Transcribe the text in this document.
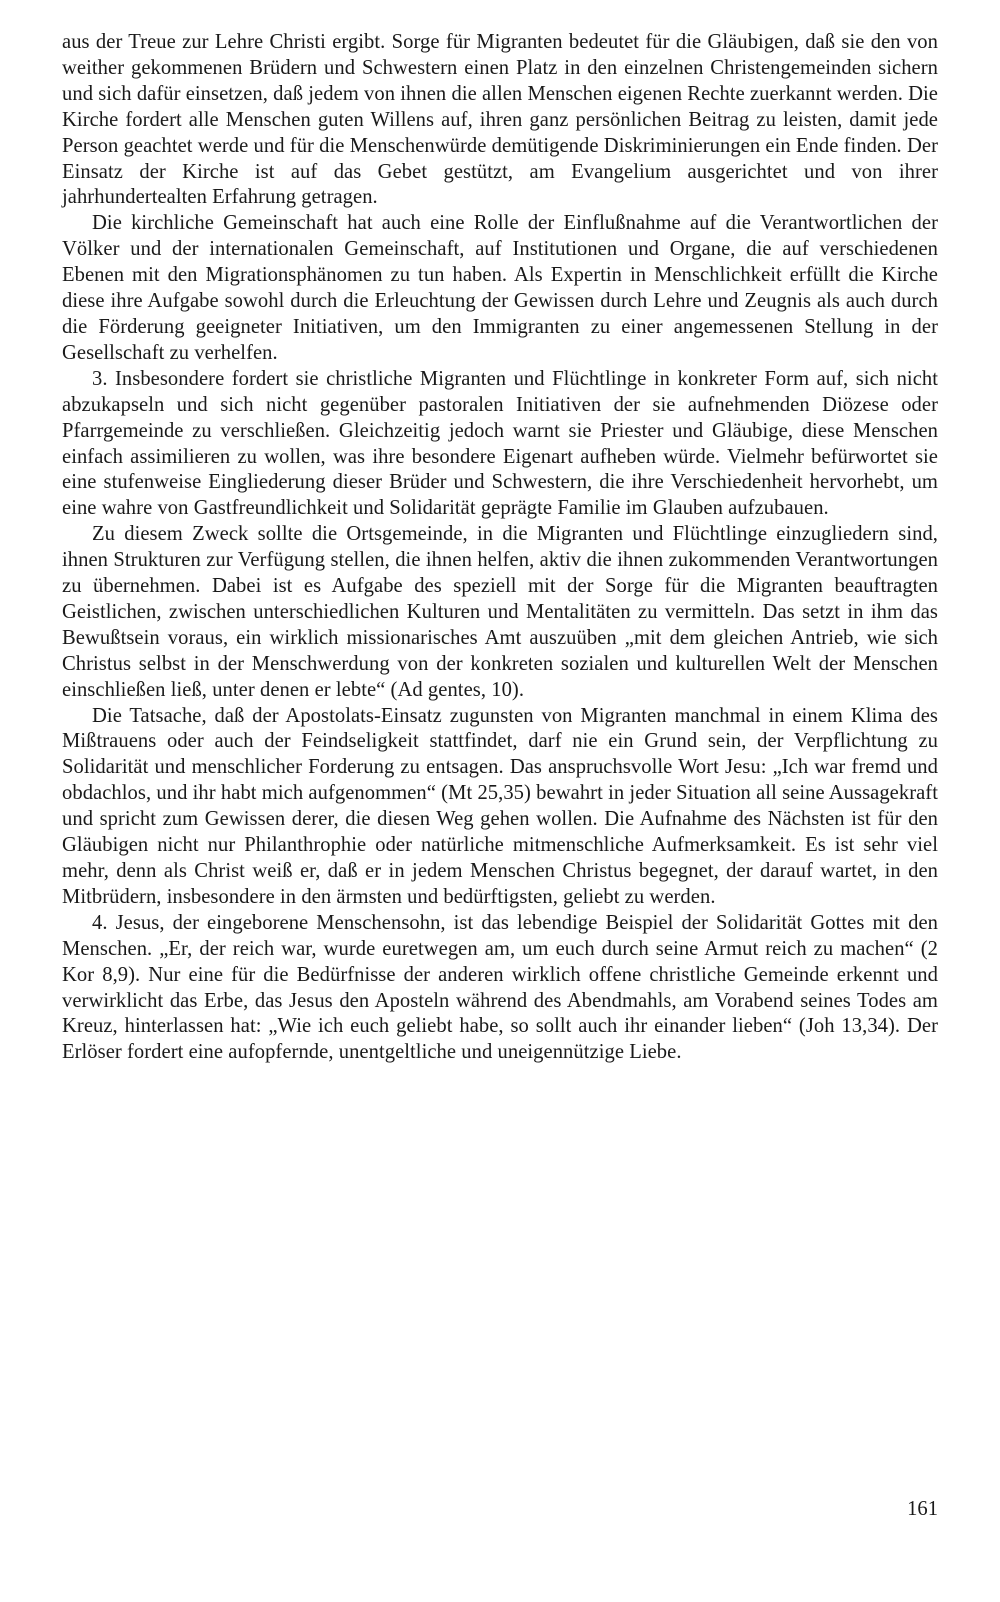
aus der Treue zur Lehre Christi ergibt. Sorge für Migranten bedeutet für die Gläubigen, daß sie den von weither gekommenen Brüdern und Schwestern einen Platz in den einzelnen Christengemeinden sichern und sich dafür einsetzen, daß jedem von ihnen die allen Menschen eigenen Rechte zuerkannt werden. Die Kirche fordert alle Menschen guten Willens auf, ihren ganz persönlichen Beitrag zu leisten, damit jede Person geachtet werde und für die Menschenwürde demütigende Diskriminierungen ein Ende finden. Der Einsatz der Kirche ist auf das Gebet gestützt, am Evangelium ausgerichtet und von ihrer jahrhundertealten Erfahrung getragen.

Die kirchliche Gemeinschaft hat auch eine Rolle der Einflußnahme auf die Verantwortlichen der Völker und der internationalen Gemeinschaft, auf Institutionen und Organe, die auf verschiedenen Ebenen mit den Migrationsphänomen zu tun haben. Als Expertin in Menschlichkeit erfüllt die Kirche diese ihre Aufgabe sowohl durch die Erleuchtung der Gewissen durch Lehre und Zeugnis als auch durch die Förderung geeigneter Initiativen, um den Immigranten zu einer angemessenen Stellung in der Gesellschaft zu verhelfen.

3. Insbesondere fordert sie christliche Migranten und Flüchtlinge in konkreter Form auf, sich nicht abzukapseln und sich nicht gegenüber pastoralen Initiativen der sie aufnehmenden Diözese oder Pfarrgemeinde zu verschließen. Gleichzeitig jedoch warnt sie Priester und Gläubige, diese Menschen einfach assimilieren zu wollen, was ihre besondere Eigenart aufheben würde. Vielmehr befürwortet sie eine stufenweise Eingliederung dieser Brüder und Schwestern, die ihre Verschiedenheit hervorhebt, um eine wahre von Gastfreundlichkeit und Solidarität geprägte Familie im Glauben aufzubauen.

Zu diesem Zweck sollte die Ortsgemeinde, in die Migranten und Flüchtlinge einzugliedern sind, ihnen Strukturen zur Verfügung stellen, die ihnen helfen, aktiv die ihnen zukommenden Verantwortungen zu übernehmen. Dabei ist es Aufgabe des speziell mit der Sorge für die Migranten beauftragten Geistlichen, zwischen unterschiedlichen Kulturen und Mentalitäten zu vermitteln. Das setzt in ihm das Bewußtsein voraus, ein wirklich missionarisches Amt auszuüben „mit dem gleichen Antrieb, wie sich Christus selbst in der Menschwerdung von der konkreten sozialen und kulturellen Welt der Menschen einschließen ließ, unter denen er lebte“ (Ad gentes, 10).

Die Tatsache, daß der Apostolats-Einsatz zugunsten von Migranten manchmal in einem Klima des Mißtrauens oder auch der Feindseligkeit stattfindet, darf nie ein Grund sein, der Verpflichtung zu Solidarität und menschlicher Forderung zu entsagen. Das anspruchsvolle Wort Jesu: „Ich war fremd und obdachlos, und ihr habt mich aufgenommen“ (Mt 25,35) bewahrt in jeder Situation all seine Aussagekraft und spricht zum Gewissen derer, die diesen Weg gehen wollen. Die Aufnahme des Nächsten ist für den Gläubigen nicht nur Philanthrophie oder natürliche mitmenschliche Aufmerksamkeit. Es ist sehr viel mehr, denn als Christ weiß er, daß er in jedem Menschen Christus begegnet, der darauf wartet, in den Mitbrüdern, insbesondere in den ärmsten und bedürftigsten, geliebt zu werden.

4. Jesus, der eingeborene Menschensohn, ist das lebendige Beispiel der Solidarität Gottes mit den Menschen. „Er, der reich war, wurde euretwegen am, um euch durch seine Armut reich zu machen“ (2 Kor 8,9). Nur eine für die Bedürfnisse der anderen wirklich offene christliche Gemeinde erkennt und verwirklicht das Erbe, das Jesus den Aposteln während des Abendmahls, am Vorabend seines Todes am Kreuz, hinterlassen hat: „Wie ich euch geliebt habe, so sollt auch ihr einander lieben“ (Joh 13,34). Der Erlöser fordert eine aufopfernde, unentgeltliche und uneigennützige Liebe.

161
